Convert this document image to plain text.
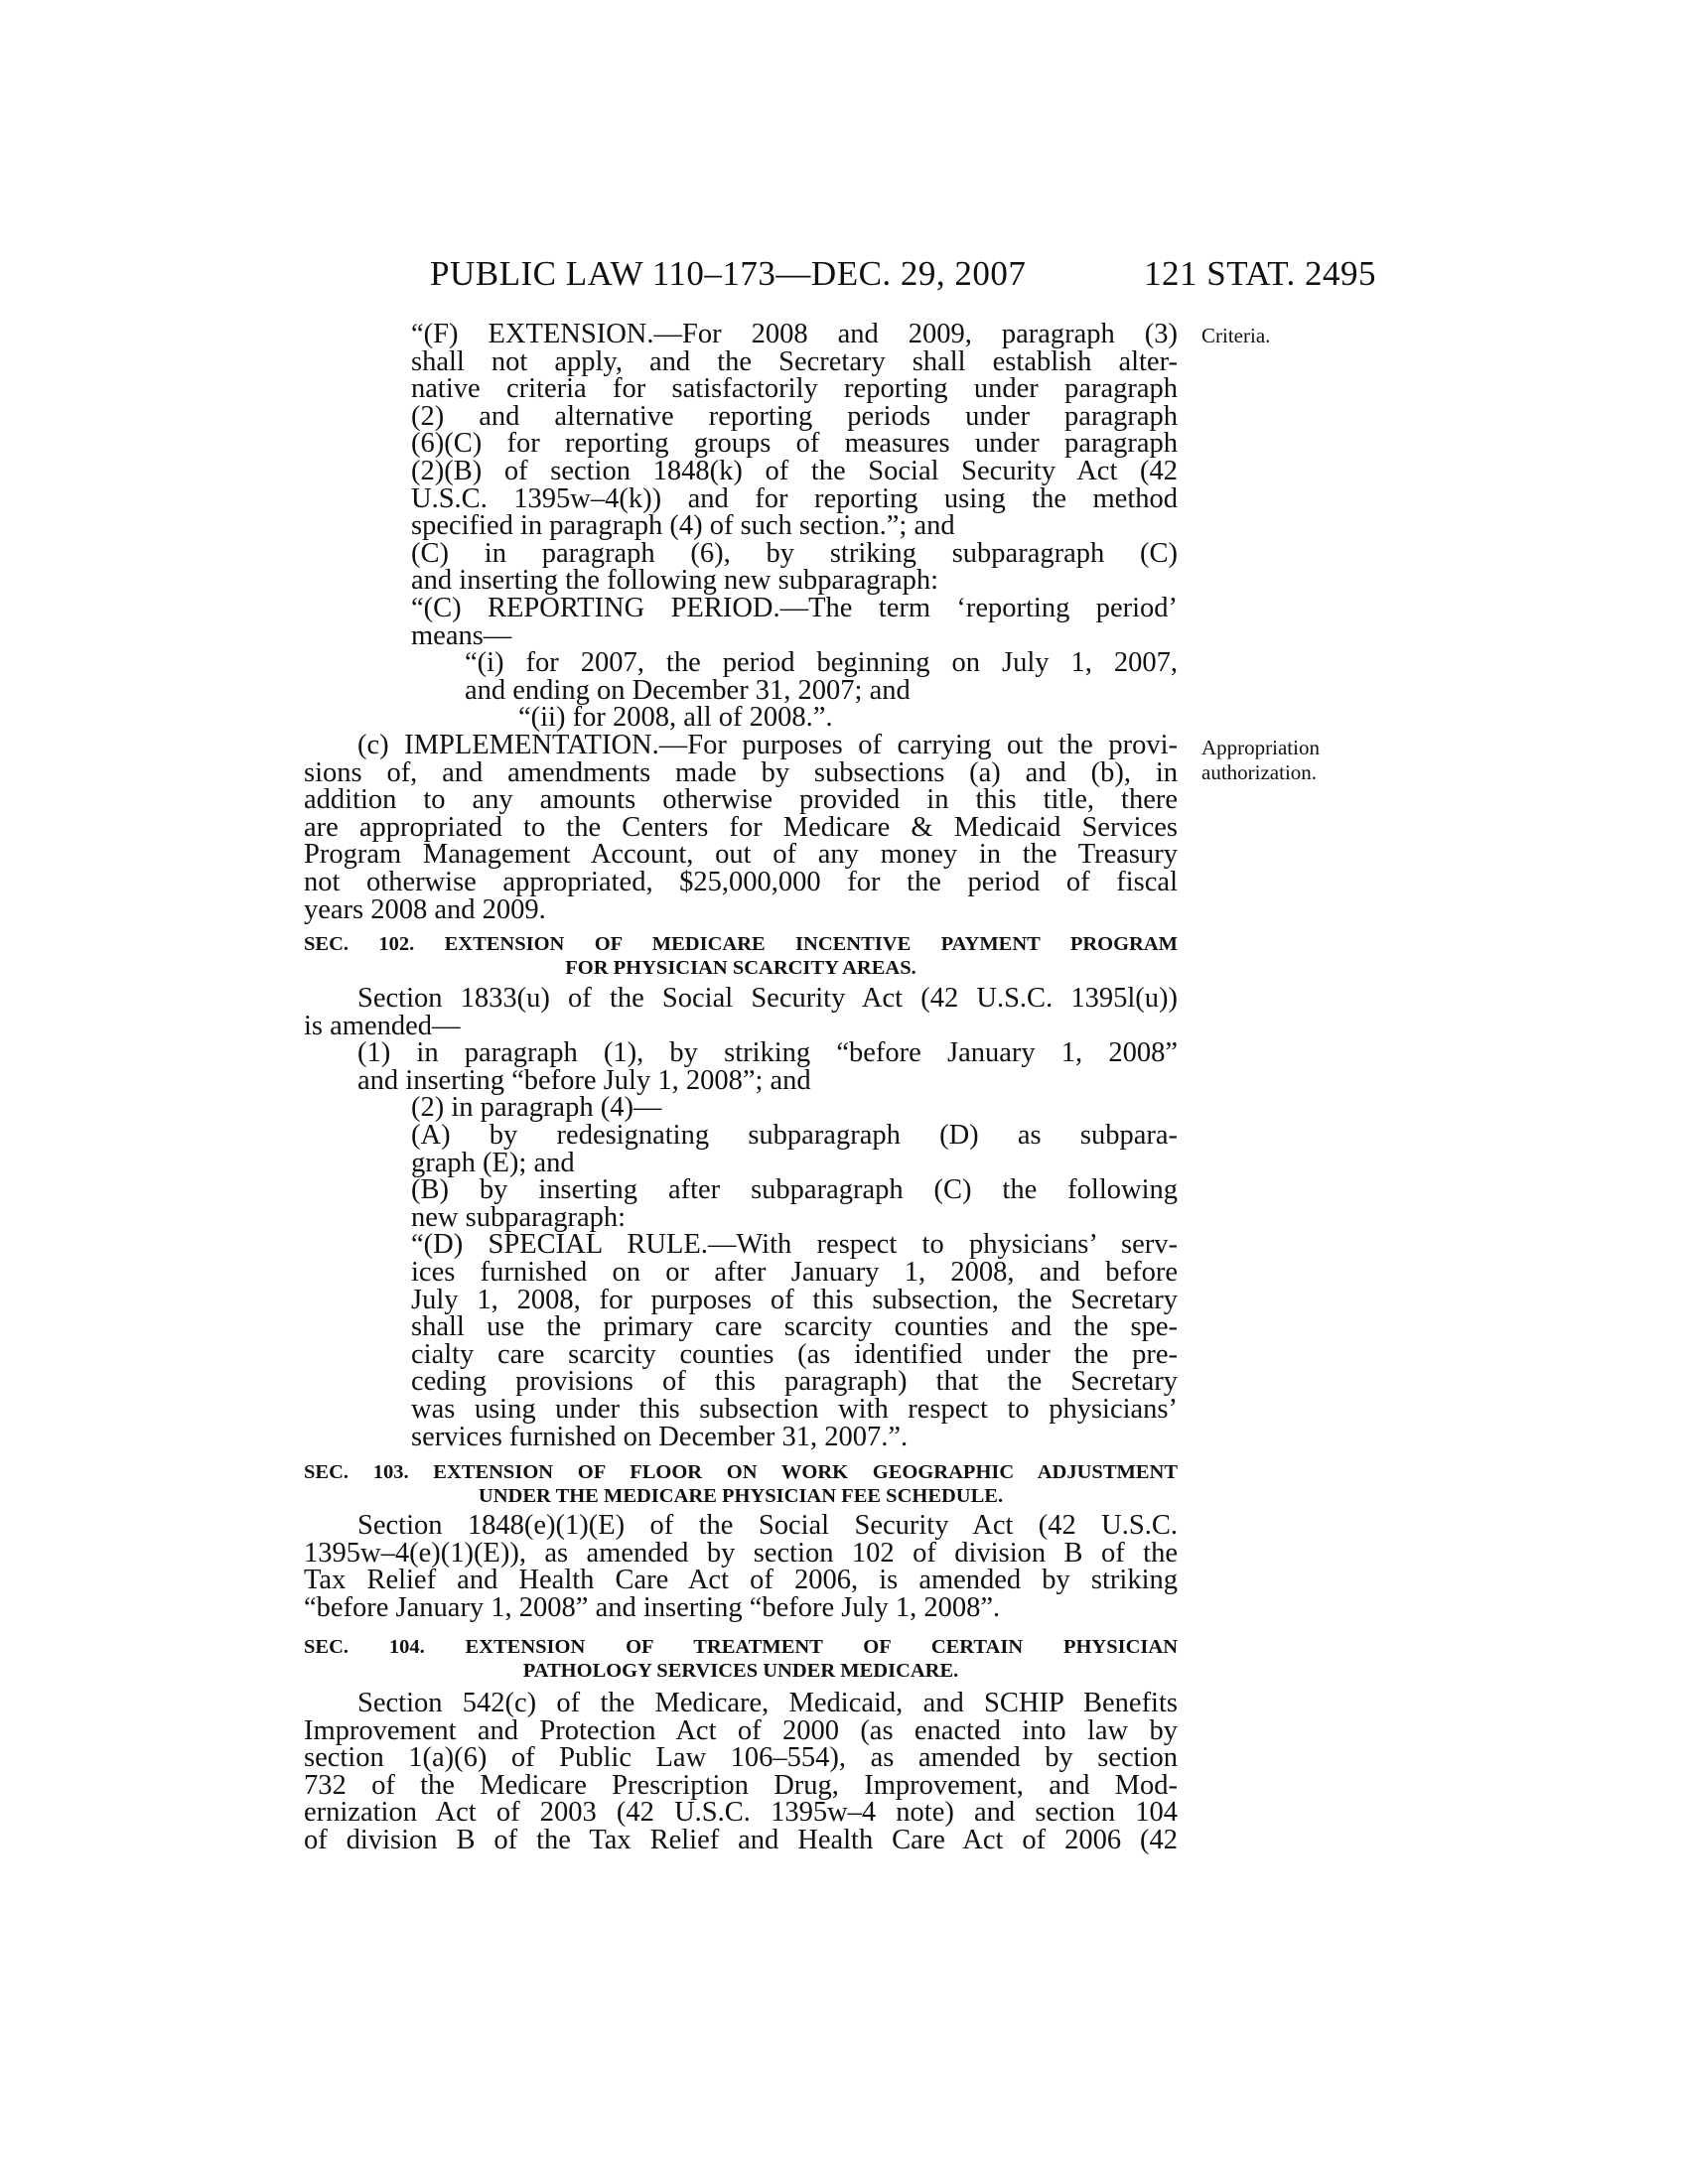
PUBLIC LAW 110–173—DEC. 29, 2007	121 STAT. 2495
Criteria.
Appropriation
authorization.
“(F) EXTENSION.—For 2008 and 2009, paragraph (3)
shall not apply, and the Secretary shall establish alter-
native criteria for satisfactorily reporting under paragraph
(2) and alternative reporting periods under paragraph
(6)(C) for reporting groups of measures under paragraph
(2)(B) of section 1848(k) of the Social Security Act (42
U.S.C. 1395w–4(k)) and for reporting using the method
specified in paragraph (4) of such section.”; and
(C) in paragraph (6), by striking subparagraph (C)
and inserting the following new subparagraph:
“(C) REPORTING PERIOD.—The term ‘reporting period’
means—
“(i) for 2007, the period beginning on July 1, 2007,
and ending on December 31, 2007; and
“(ii) for 2008, all of 2008.”.
(c) IMPLEMENTATION.—For purposes of carrying out the provi-
sions of, and amendments made by subsections (a) and (b), in
addition to any amounts otherwise provided in this title, there
are appropriated to the Centers for Medicare & Medicaid Services
Program Management Account, out of any money in the Treasury
not otherwise appropriated, $25,000,000 for the period of fiscal
years 2008 and 2009.
SEC. 102. EXTENSION OF MEDICARE INCENTIVE PAYMENT PROGRAM
FOR PHYSICIAN SCARCITY AREAS.
Section 1833(u) of the Social Security Act (42 U.S.C. 1395l(u))
is amended—
(1) in paragraph (1), by striking “before January 1, 2008”
and inserting “before July 1, 2008”; and
(2) in paragraph (4)—
(A) by redesignating subparagraph (D) as subpara-
graph (E); and
(B) by inserting after subparagraph (C) the following
new subparagraph:
“(D) SPECIAL RULE.—With respect to physicians’ serv-
ices furnished on or after January 1, 2008, and before
July 1, 2008, for purposes of this subsection, the Secretary
shall use the primary care scarcity counties and the spe-
cialty care scarcity counties (as identified under the pre-
ceding provisions of this paragraph) that the Secretary
was using under this subsection with respect to physicians’
services furnished on December 31, 2007.”.
SEC. 103. EXTENSION OF FLOOR ON WORK GEOGRAPHIC ADJUSTMENT
UNDER THE MEDICARE PHYSICIAN FEE SCHEDULE.
Section 1848(e)(1)(E) of the Social Security Act (42 U.S.C.
1395w–4(e)(1)(E)), as amended by section 102 of division B of the
Tax Relief and Health Care Act of 2006, is amended by striking
“before January 1, 2008” and inserting “before July 1, 2008”.
SEC. 104. EXTENSION OF TREATMENT OF CERTAIN PHYSICIAN
PATHOLOGY SERVICES UNDER MEDICARE.
Section 542(c) of the Medicare, Medicaid, and SCHIP Benefits
Improvement and Protection Act of 2000 (as enacted into law by
section 1(a)(6) of Public Law 106–554), as amended by section
732 of the Medicare Prescription Drug, Improvement, and Mod-
ernization Act of 2003 (42 U.S.C. 1395w–4 note) and section 104
of division B of the Tax Relief and Health Care Act of 2006 (42
